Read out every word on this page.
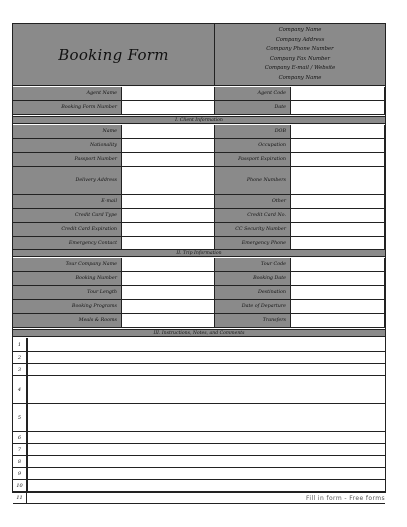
Booking Form
Company Name
Company Address
Company Phone Number
Company Fax Number
Company E-mail / Website
Company Name
Agent Name	Agent Code
Booking Form Number	Date
I. Client Information
Name	DOB
Nationality	Occupation
Passport Number	Passport Expiration
Delivery Address	Phone Numbers
E-mail	Other
Credit Card Type	Credit Card No.
Credit Card Expiration	CC Security Number
Emergency Contact	Emergency Phone
II. Trip Information
Tour Company Name	Tour Code
Booking Number	Booking Date
Tour Length	Destination
Booking Programs	Date of Departure
Meals & Rooms	Transfers
III. Instructions, Notes, and Comments
1
2
3
4
5
6
7
8
9
10
11	Fill in form - Free forms
